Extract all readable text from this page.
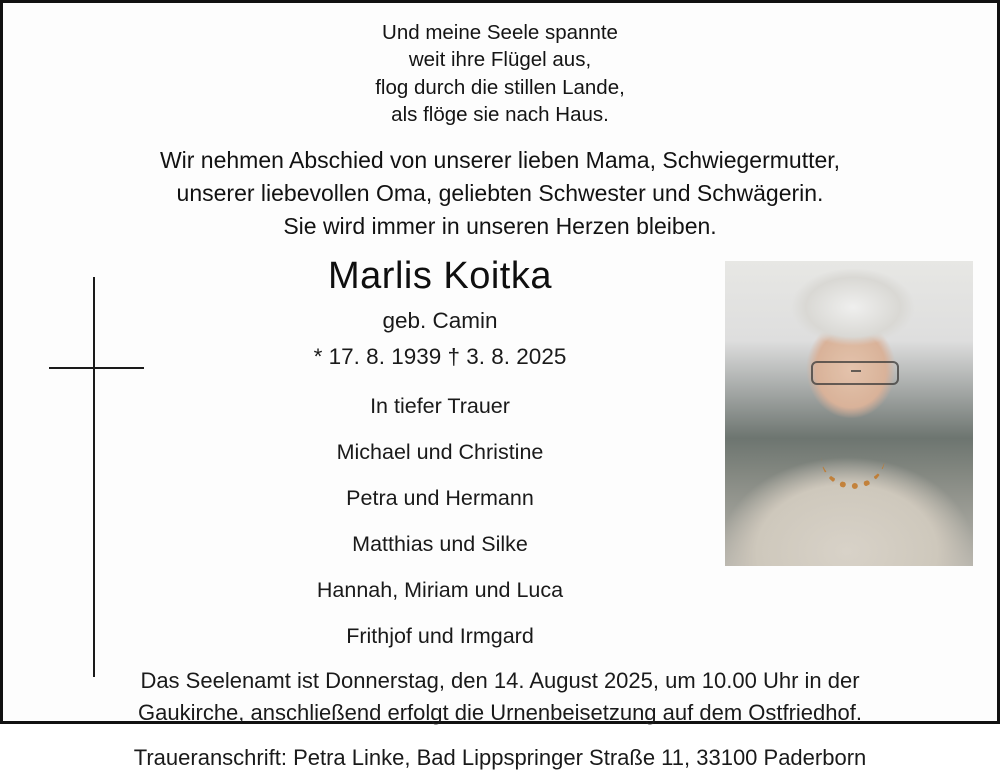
Und meine Seele spannte
weit ihre Flügel aus,
flog durch die stillen Lande,
als flöge sie nach Haus.
Wir nehmen Abschied von unserer lieben Mama, Schwiegermutter,
unserer liebevollen Oma, geliebten Schwester und Schwägerin.
Sie wird immer in unseren Herzen bleiben.
Marlis Koitka
geb. Camin
* 17. 8. 1939 † 3. 8. 2025
In tiefer Trauer
Michael und Christine
Petra und Hermann
Matthias und Silke
Hannah, Miriam und Luca
Frithjof und Irmgard
Das Seelenamt ist Donnerstag, den 14. August 2025, um 10.00 Uhr in der
Gaukirche, anschließend erfolgt die Urnenbeisetzung auf dem Ostfriedhof.
Traueranschrift: Petra Linke, Bad Lippspringer Straße 11, 33100 Paderborn
